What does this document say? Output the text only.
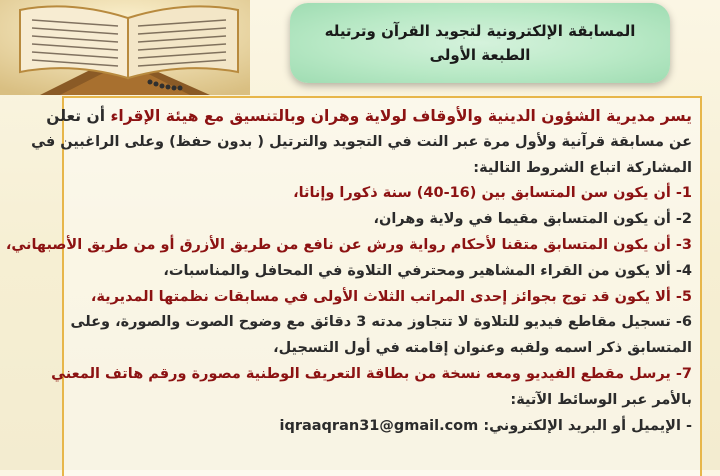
المسابقة الإلكترونية لتجويد القرآن وترتيله
الطبعة الأولى
يسر مديرية الشؤون الدينية والأوقاف لولاية وهران وبالتنسيق مع هيئة الإقراء أن تعلن
عن مسابقة قرآنية ولأول مرة عبر النت في التجويد والترتيل ( بدون حفظ) وعلى الراغبين في
المشاركة اتباع الشروط التالية:
1- أن يكون سن المتسابق بين (16-40) سنة ذكورا وإناثا،
2- أن يكون المتسابق مقيما في ولاية وهران،
3- أن يكون المتسابق متقنا لأحكام رواية ورش عن نافع من طريق الأزرق أو من طريق الأصبهاني،
4- ألا يكون من القراء المشاهير ومحترفي التلاوة في المحافل والمناسبات،
5- ألا يكون قد توج بجوائز إحدى المراتب الثلاث الأولى في مسابقات نظمتها المديرية،
6- تسجيل مقاطع فيديو للتلاوة لا تتجاوز مدته 3 دقائق مع وضوح الصوت والصورة، وعلى
المتسابق ذكر اسمه ولقبه وعنوان إقامته في أول التسجيل،
7- يرسل مقطع الفيديو ومعه نسخة من بطاقة التعريف الوطنية مصورة ورقم هاتف المعني
بالأمر عبر الوسائط الآتية:
- الإيميل أو البريد الإلكتروني: iqraaqran31@gmail.com
